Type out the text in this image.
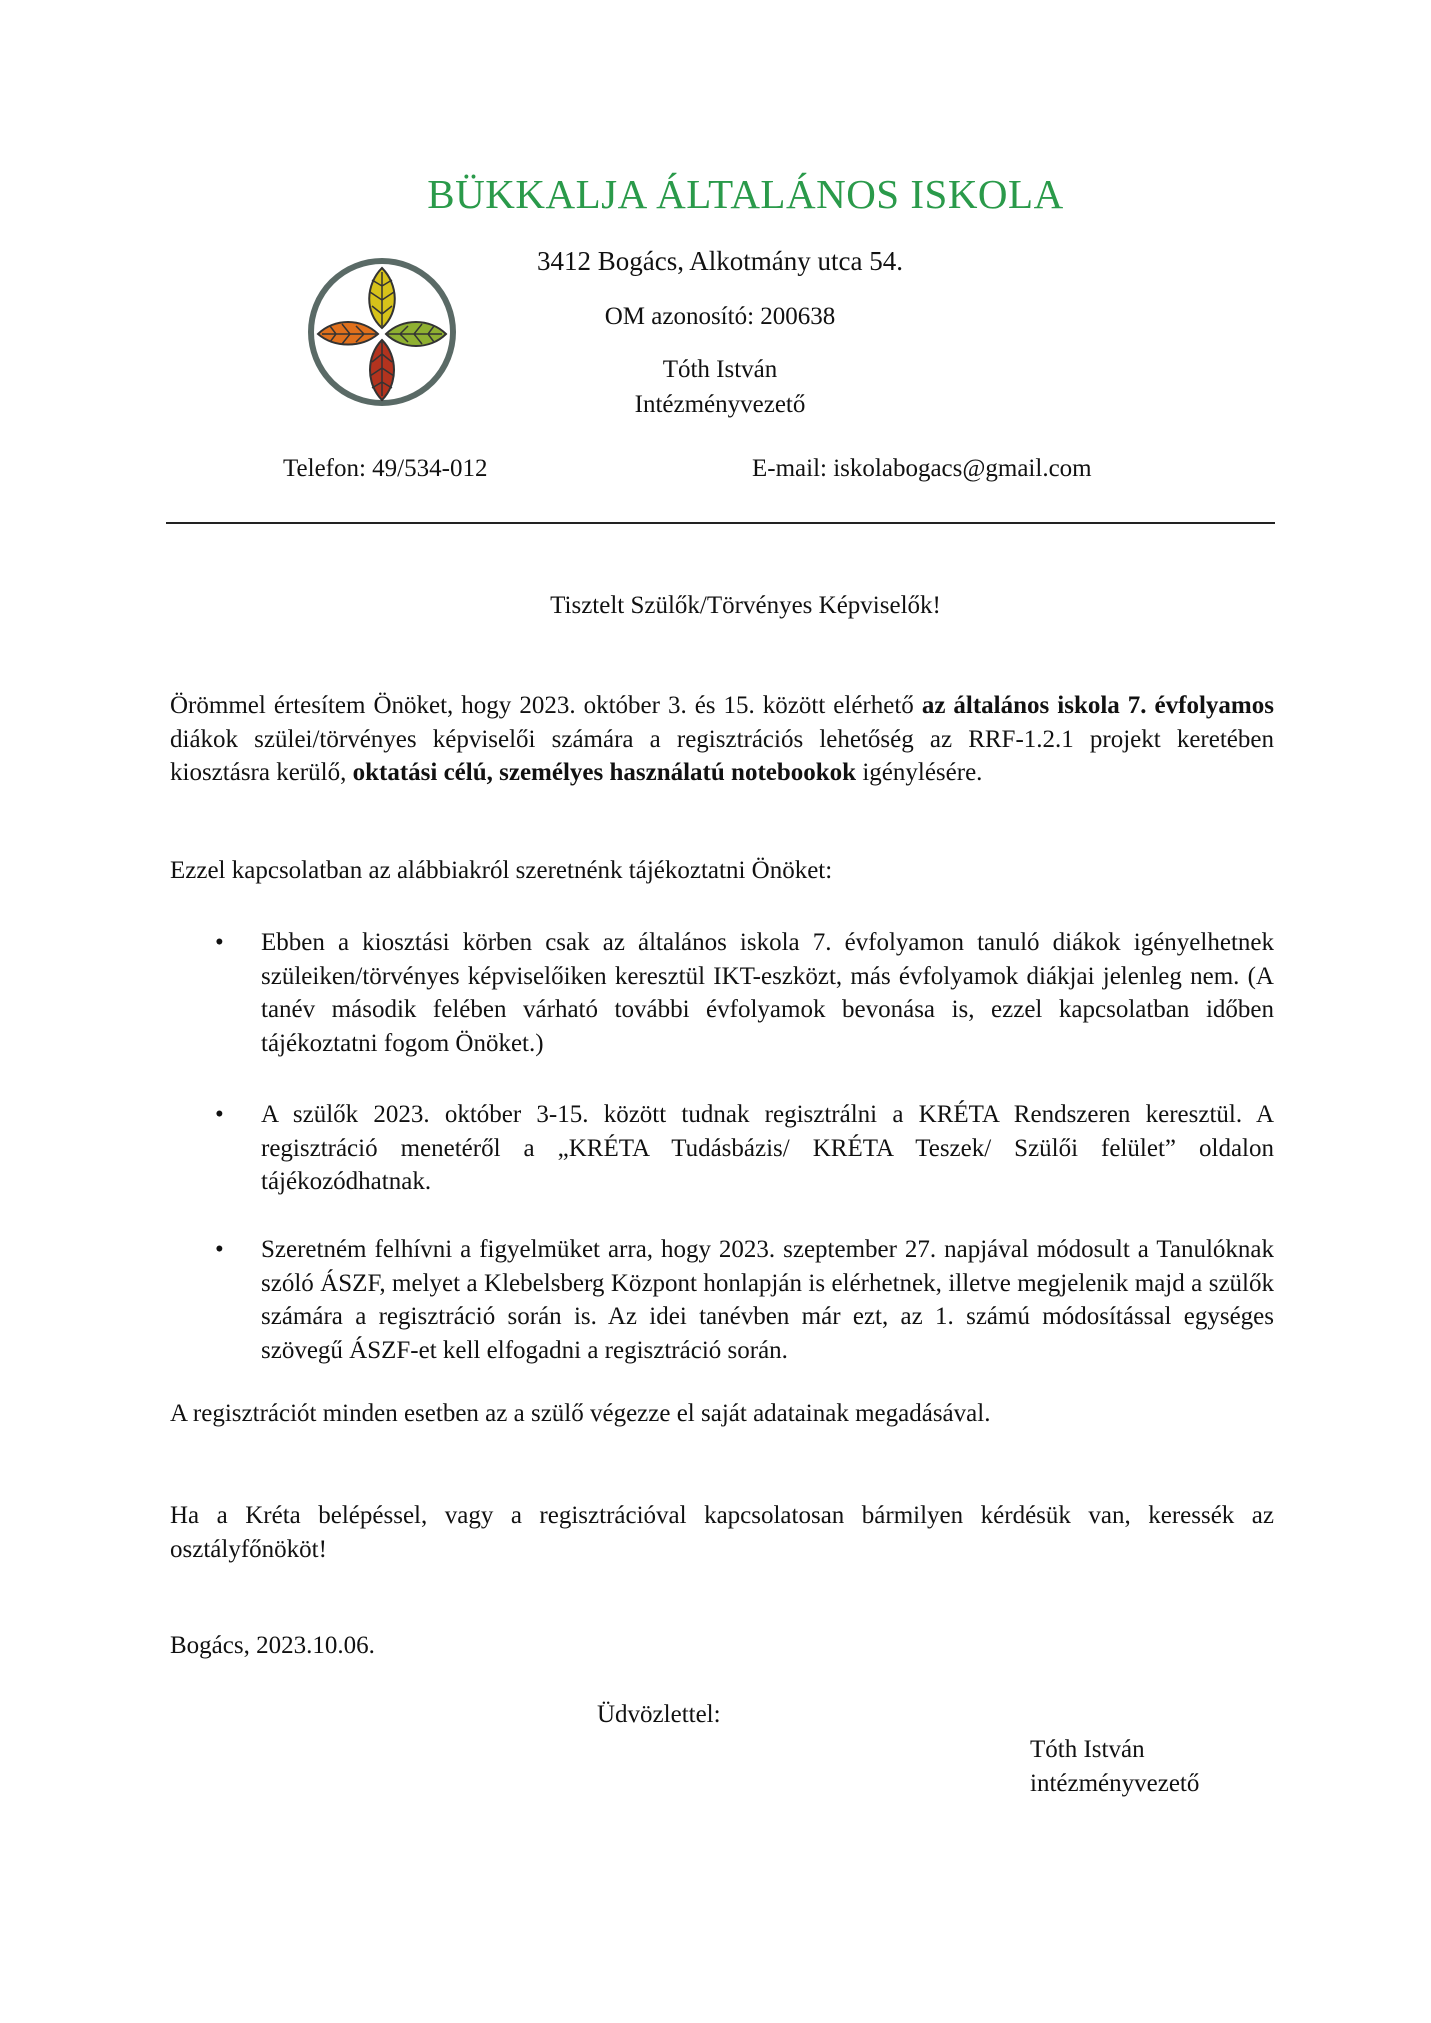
BÜKKALJA ÁLTALÁNOS ISKOLA
3412 Bogács, Alkotmány utca 54.
OM azonosító: 200638
Tóth István
Intézményvezető
Telefon: 49/534-012	E-mail: iskolabogacs@gmail.com
Tisztelt Szülők/Törvényes Képviselők!
Örömmel értesítem Önöket, hogy 2023. október 3. és 15. között elérhető az általános iskola 7. évfolyamos diákok szülei/törvényes képviselői számára a regisztrációs lehetőség az RRF-1.2.1 projekt keretében kiosztásra kerülő, oktatási célú, személyes használatú notebookok igénylésére.
Ezzel kapcsolatban az alábbiakról szeretnénk tájékoztatni Önöket:
• Ebben a kiosztási körben csak az általános iskola 7. évfolyamon tanuló diákok igényelhetnek szüleiken/törvényes képviselőiken keresztül IKT-eszközt, más évfolyamok diákjai jelenleg nem. (A tanév második felében várható további évfolyamok bevonása is, ezzel kapcsolatban időben tájékoztatni fogom Önöket.)
• A szülők 2023. október 3-15. között tudnak regisztrálni a KRÉTA Rendszeren keresztül. A regisztráció menetéről a „KRÉTA Tudásbázis/ KRÉTA Teszek/ Szülői felület” oldalon tájékozódhatnak.
• Szeretném felhívni a figyelmüket arra, hogy 2023. szeptember 27. napjával módosult a Tanulóknak szóló ÁSZF, melyet a Klebelsberg Központ honlapján is elérhetnek, illetve megjelenik majd a szülők számára a regisztráció során is. Az idei tanévben már ezt, az 1. számú módosítással egységes szövegű ÁSZF-et kell elfogadni a regisztráció során.
A regisztrációt minden esetben az a szülő végezze el saját adatainak megadásával.
Ha a Kréta belépéssel, vagy a regisztrációval kapcsolatosan bármilyen kérdésük van, keressék az osztályfőnököt!
Bogács, 2023.10.06.
Üdvözlettel:
Tóth István
intézményvezető
